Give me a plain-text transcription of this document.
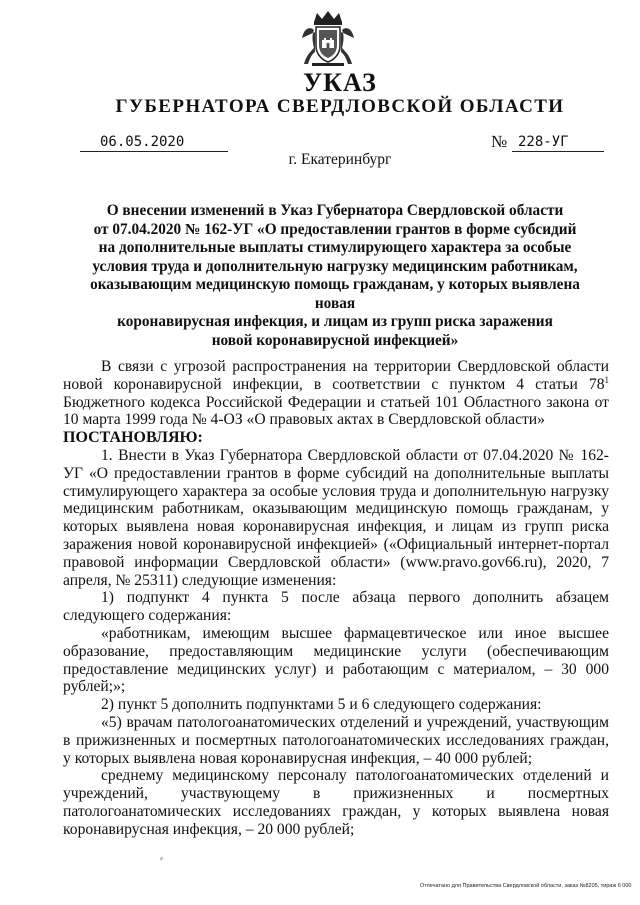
УКАЗ
ГУБЕРНАТОРА СВЕРДЛОВСКОЙ ОБЛАСТИ
06.05.2020	№ 228-УГ
г. Екатеринбург
О внесении изменений в Указ Губернатора Свердловской области
от 07.04.2020 № 162-УГ «О предоставлении грантов в форме субсидий
на дополнительные выплаты стимулирующего характера за особые
условия труда и дополнительную нагрузку медицинским работникам,
оказывающим медицинскую помощь гражданам, у которых выявлена новая
коронавирусная инфекция, и лицам из групп риска заражения
новой коронавирусной инфекцией»

В связи с угрозой распространения на территории Свердловской области новой коронавирусной инфекции, в соответствии с пунктом 4 статьи $78^1$ Бюджетного кодекса Российской Федерации и статьей 101 Областного закона от 10 марта 1999 года № 4-ОЗ «О правовых актах в Свердловской области»

ПОСТАНОВЛЯЮ:

1. Внести в Указ Губернатора Свердловской области от 07.04.2020 № 162-УГ «О предоставлении грантов в форме субсидий на дополнительные выплаты стимулирующего характера за особые условия труда и дополнительную нагрузку медицинским работникам, оказывающим медицинскую помощь гражданам, у которых выявлена новая коронавирусная инфекция, и лицам из групп риска заражения новой коронавирусной инфекцией» («Официальный интернет-портал правовой информации Свердловской области» (www.pravo.gov66.ru), 2020, 7 апреля, № 25311) следующие изменения:

1) подпункт 4 пункта 5 после абзаца первого дополнить абзацем следующего содержания:

«работникам, имеющим высшее фармацевтическое или иное высшее образование, предоставляющим медицинские услуги (обеспечивающим предоставление медицинских услуг) и работающим с материалом, – 30 000 рублей;»;

2) пункт 5 дополнить подпунктами 5 и 6 следующего содержания:

«5) врачам патологоанатомических отделений и учреждений, участвующим в прижизненных и посмертных патологоанатомических исследованиях граждан, у которых выявлена новая коронавирусная инфекция, – 40 000 рублей;

среднему медицинскому персоналу патологоанатомических отделений и учреждений, участвующему в прижизненных и посмертных патологоанатомических исследованиях граждан, у которых выявлена новая коронавирусная инфекция, – 20 000 рублей;

⸗
Отпечатано для Правительства Свердловской области, заказ №8205, тираж 6 000
